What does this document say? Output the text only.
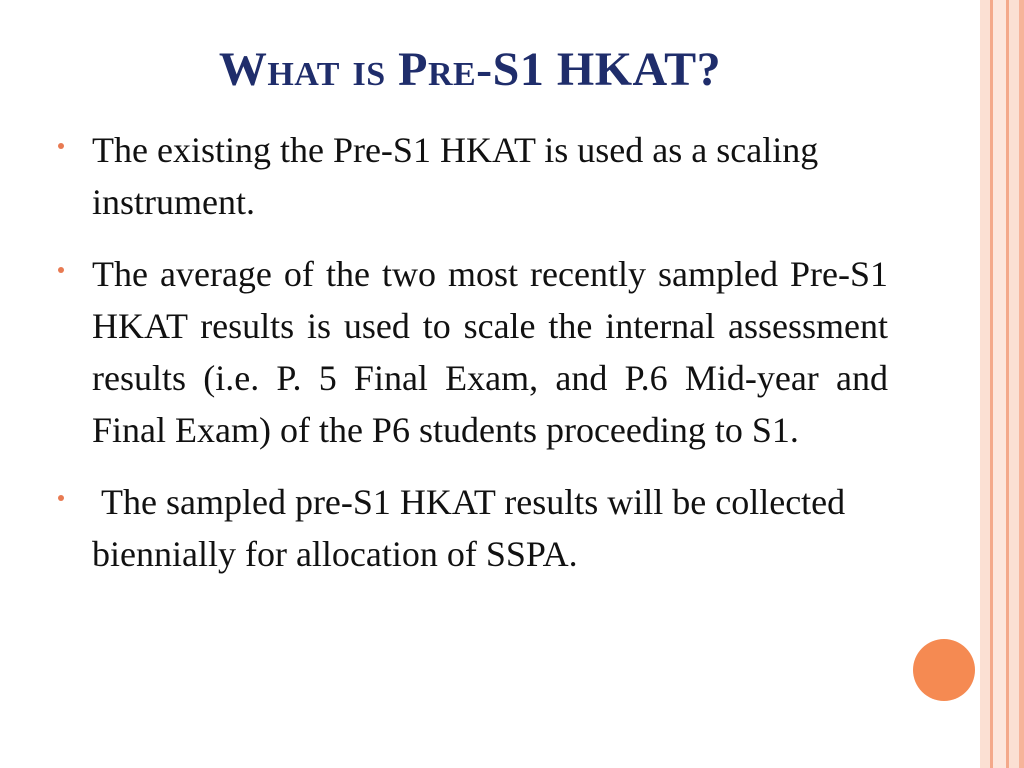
What is Pre-S1 HKAT?
The existing the Pre-S1 HKAT is used as a scaling instrument.
The average of the two most recently sampled Pre-S1 HKAT results is used to scale the internal assessment results (i.e. P. 5 Final Exam, and P.6 Mid-year and Final Exam) of the P6 students proceeding to S1.
The sampled pre-S1 HKAT results will be collected biennially for allocation of SSPA.
